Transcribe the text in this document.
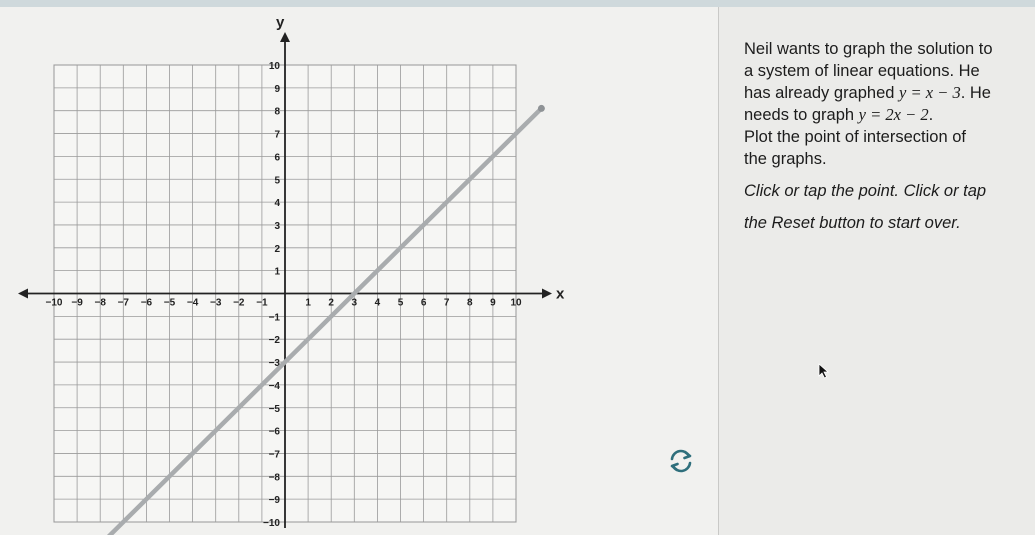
−10 −9 −8 −7 −6 −5 −4 −3 −2 −1	1 2 3 4 5 6 7 8 9 10
10
9
8
7
6
5
4
3
2
1
−1
−2
−3
−4
−5
−6
−7
−8
−9
−10
x
y

Neil wants to graph the solution to

a system of linear equations. He

has already graphed y = x − 3. He

needs to graph y = 2x − 2.

Plot the point of intersection of

the graphs.

Click or tap the point. Click or tap

the Reset button to start over.
